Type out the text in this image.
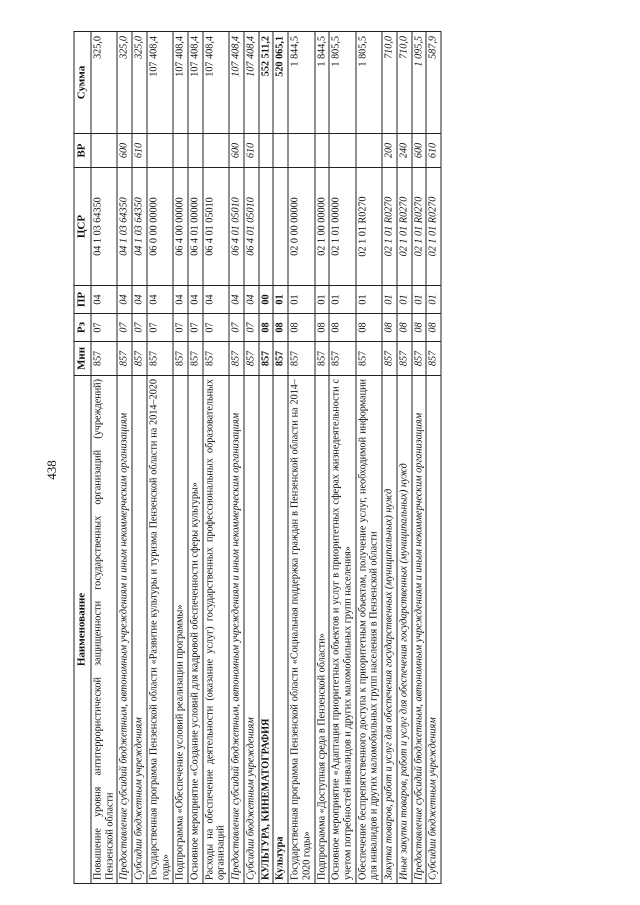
438
Наименование	Мин	Рз	ПР	ЦСР	ВР	Сумма
Повышение уровня антитеррористической защищенности государственных организаций (учреждений) Пензенской области	857	07	04	04 1 03 64350		325,0
Предоставление субсидий бюджетным, автономным учреждениям и иным некоммерческим организациям	857	07	04	04 1 03 64350	600	325,0
Субсидии бюджетным учреждениям	857	07	04	04 1 03 64350	610	325,0
Государственная программа Пензенской области «Развитие культуры и туризма Пензенской области на 2014–2020 годы»	857	07	04	06 0 00 00000		107 408,4
Подпрограмма «Обеспечение условий реализации программы»	857	07	04	06 4 00 00000		107 408,4
Основное мероприятие «Создание условий для кадровой обеспеченности сферы культуры»	857	07	04	06 4 01 00000		107 408,4
Расходы на обеспечение деятельности (оказание услуг) государственных профессиональных образовательных организаций	857	07	04	06 4 01 05010		107 408,4
Предоставление субсидий бюджетным, автономным учреждениям и иным некоммерческим организациям	857	07	04	06 4 01 05010	600	107 408,4
Субсидии бюджетным учреждениям	857	07	04	06 4 01 05010	610	107 408,4
КУЛЬТУРА, КИНЕМАТОГРАФИЯ	857	08	00			552 511,2
Культура	857	08	01			520 065,1
Государственная программа Пензенской области «Социальная поддержка граждан в Пензенской области на 2014–2020 годы»	857	08	01	02 0 00 00000		1 844,5
Подпрограмма «Доступная среда в Пензенской области»	857	08	01	02 1 00 00000		1 844,5
Основное мероприятие «Адаптация приоритетных объектов и услуг в приоритетных сферах жизнедеятельности с учетом потребностей инвалидов и других маломобильных групп населения»	857	08	01	02 1 01 00000		1 805,5
Обеспечение беспрепятственного доступа к приоритетным объектам, получение услуг, необходимой информации для инвалидов и других маломобильных групп населения в Пензенской области	857	08	01	02 1 01 R0270		1 805,5
Закупка товаров, работ и услуг для обеспечения государственных (муниципальных) нужд	857	08	01	02 1 01 R0270	200	710,0
Иные закупки товаров, работ и услуг для обеспечения государственных (муниципальных) нужд	857	08	01	02 1 01 R0270	240	710,0
Предоставление субсидий бюджетным, автономным учреждениям и иным некоммерческим организациям	857	08	01	02 1 01 R0270	600	1 095,5
Субсидии бюджетным учреждениям	857	08	01	02 1 01 R0270	610	587,9
